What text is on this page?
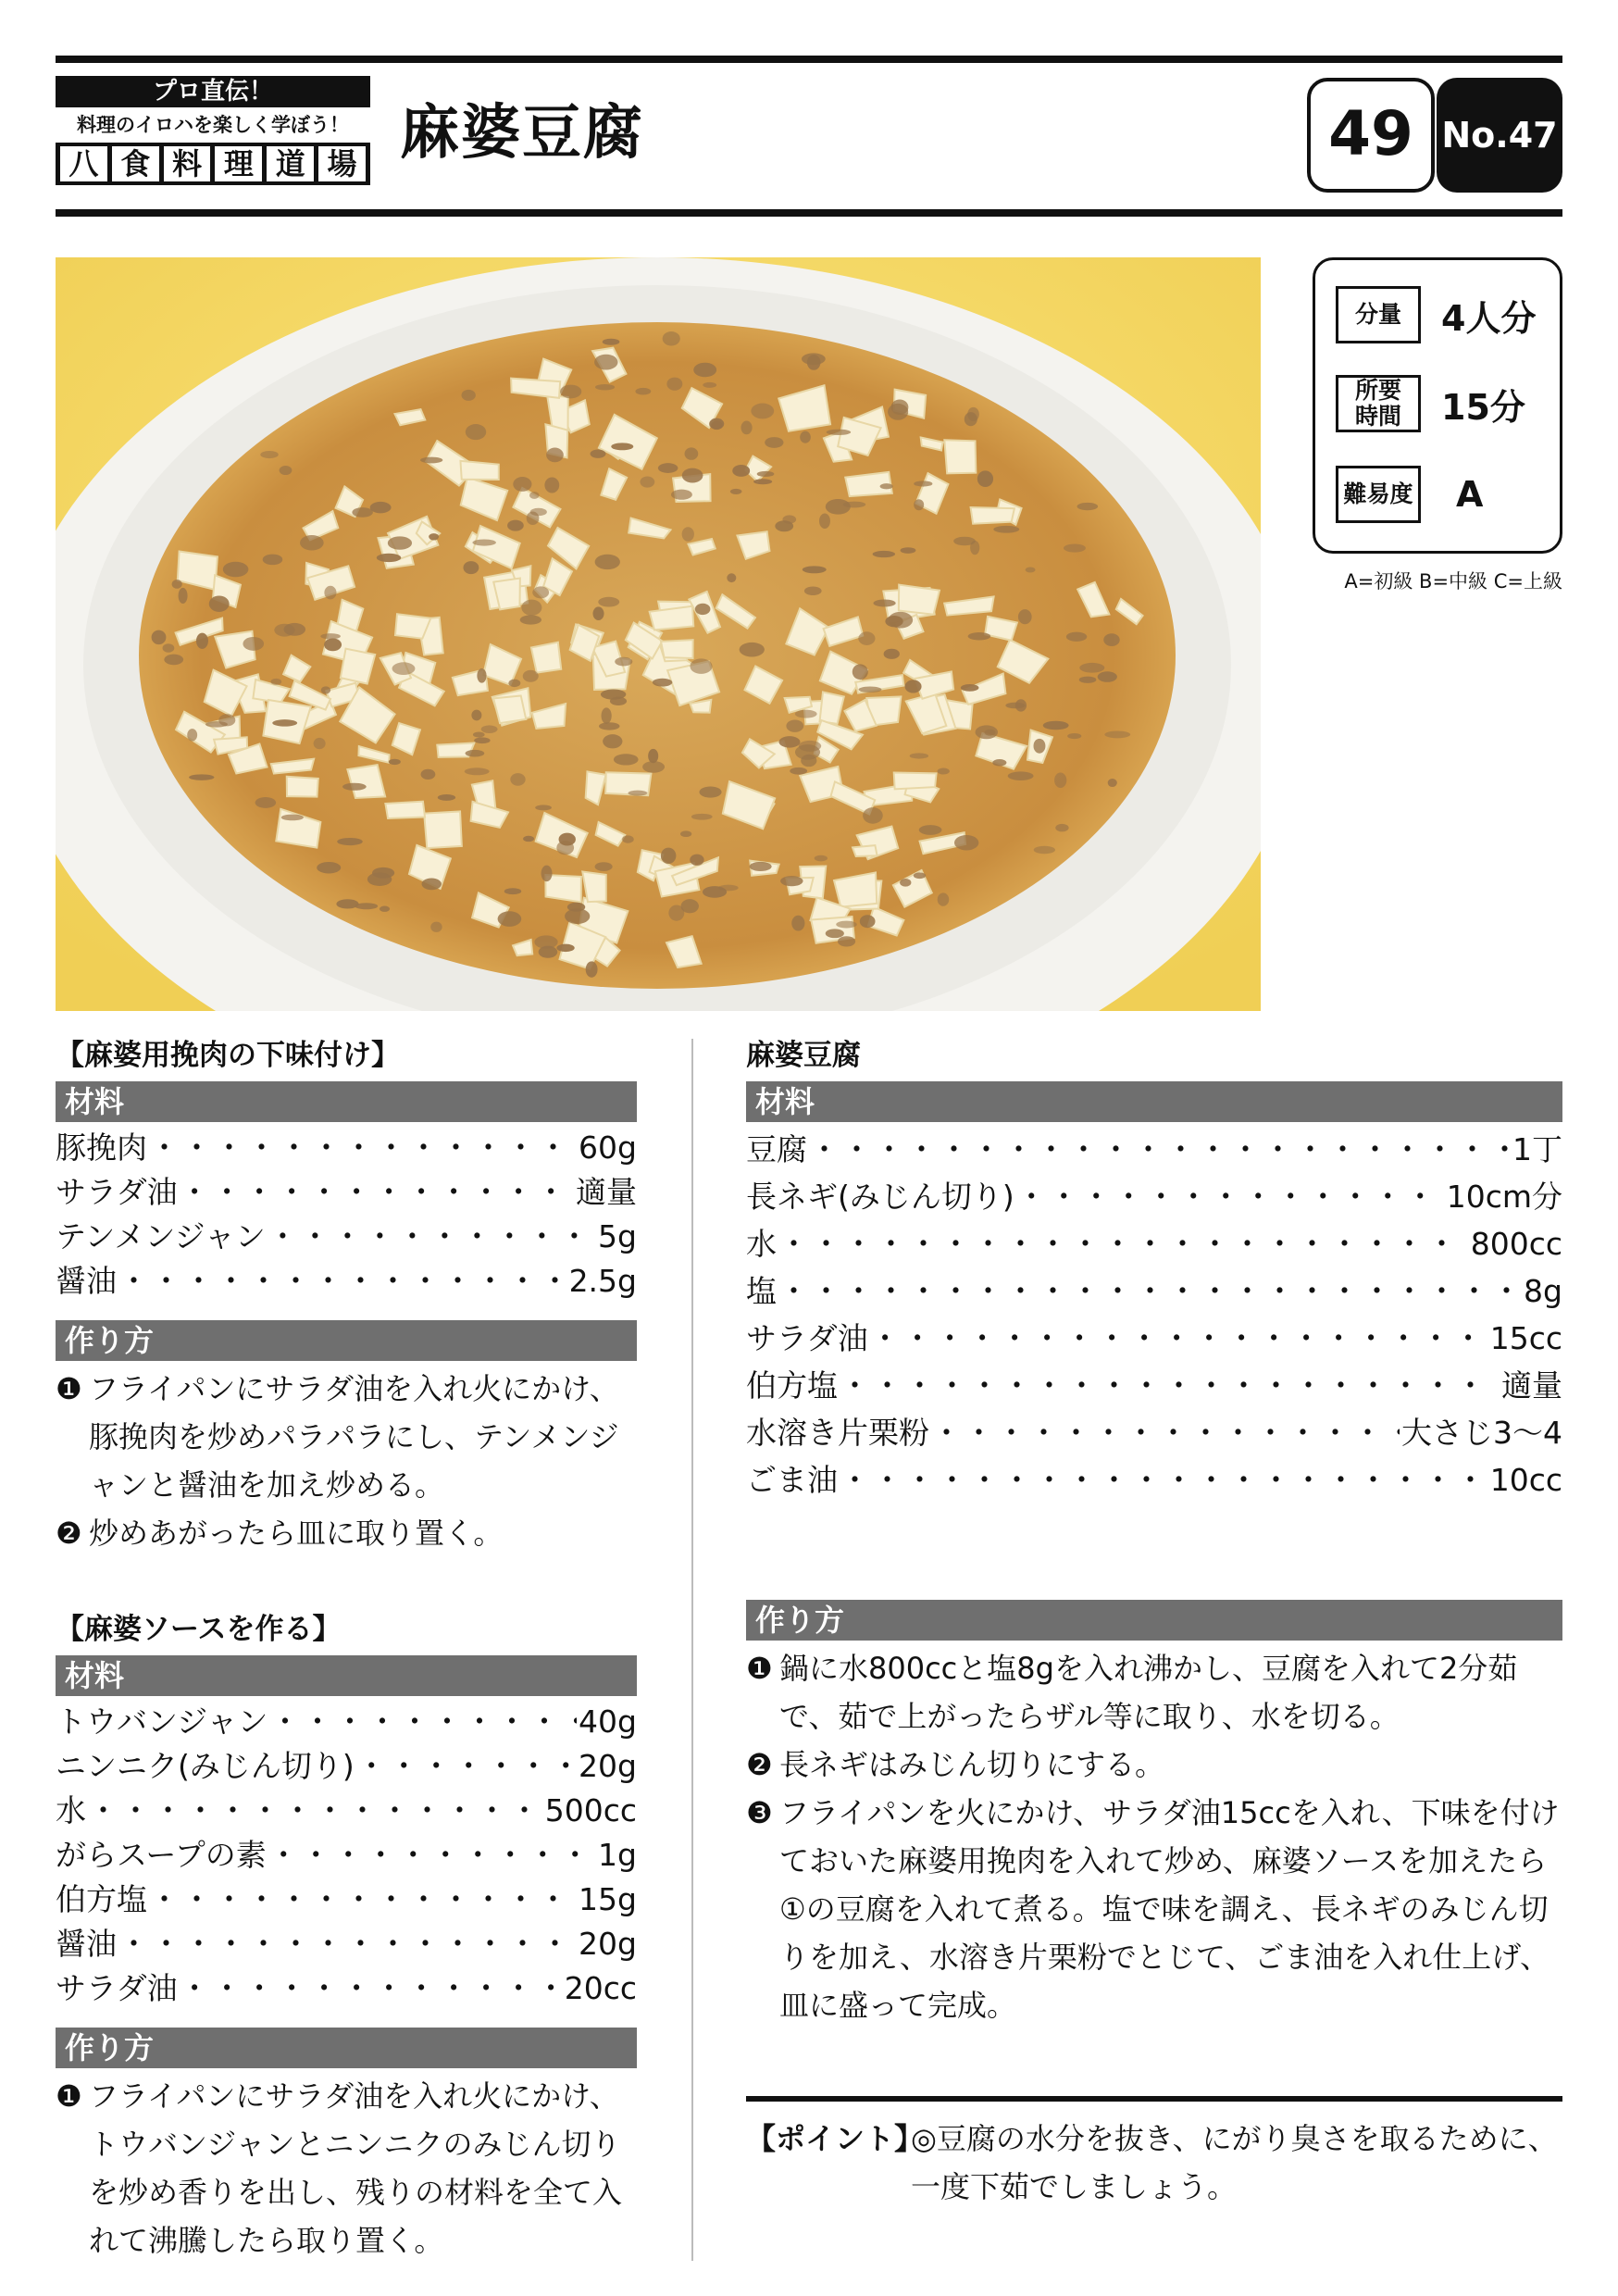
プロ直伝！
料理のイロハを楽しく学ぼう！
八 食 料 理 道 場 麻婆豆腐	49 No.47
分量	4人分
所要
時間	15分
難易度 A
A=初級 B=中級 C=上級
【麻婆用挽肉の下味付け】
材料
豚挽肉 ・・・・・・・・・・・・・・・・・・・・・・・・・・・・・・・・・・・・・・・・・・・・・・・・・・・・・・・・・・・・・・・・・・・・・・・・	60g
サラダ油 ・・・・・・・・・・・・・・・・・・・・・・・・・・・・・・・・・・・・・・・・・・・・・・・・・・・・・・・・・・・・・・・・・・・・・・・・	適量
テンメンジャン ・・・・・・・・・・・・・・・・・・・・・・・・・・・・・・・・・・・・・・・・・・・・・・・・・・・・・・・・・・・・・・・・・・・・・・・・	5g
醤油 ・・・・・・・・・・・・・・・・・・・・・・・・・・・・・・・・・・・・・・・・・・・・・・・・・・・・・・・・・・・・・・・・・・・・・・・・	2.5g
作り方
❶ フライパンにサラダ油を入れ火にかけ、豚挽肉を炒めパラパラにし、テンメンジャンと醤油を加え炒める。
❷ 炒めあがったら皿に取り置く。
【麻婆ソースを作る】
材料
トウバンジャン ・・・・・・・・・・・・・・・・・・・・・・・・・・・・・・・・・・・・・・・・・・・・・・・・・・・・・・・・・・・・・・・・・・・・・・・・	40g
ニンニク(みじん切り) ・・・・・・・・・・・・・・・・・・・・・・・・・・・・・・・・・・・・・・・・・・・・・・・・・・・・・・・・・・・・・・・・・・・・・・・・	20g
水 ・・・・・・・・・・・・・・・・・・・・・・・・・・・・・・・・・・・・・・・・・・・・・・・・・・・・・・・・・・・・・・・・・・・・・・・・	500cc
がらスープの素 ・・・・・・・・・・・・・・・・・・・・・・・・・・・・・・・・・・・・・・・・・・・・・・・・・・・・・・・・・・・・・・・・・・・・・・・・	1g
伯方塩 ・・・・・・・・・・・・・・・・・・・・・・・・・・・・・・・・・・・・・・・・・・・・・・・・・・・・・・・・・・・・・・・・・・・・・・・・	15g
醤油 ・・・・・・・・・・・・・・・・・・・・・・・・・・・・・・・・・・・・・・・・・・・・・・・・・・・・・・・・・・・・・・・・・・・・・・・・	20g
サラダ油 ・・・・・・・・・・・・・・・・・・・・・・・・・・・・・・・・・・・・・・・・・・・・・・・・・・・・・・・・・・・・・・・・・・・・・・・・	20cc
作り方
❶ フライパンにサラダ油を入れ火にかけ、トウバンジャンとニンニクのみじん切りを炒め香りを出し、残りの材料を全て入れて沸騰したら取り置く。
麻婆豆腐
材料
豆腐 ・・・・・・・・・・・・・・・・・・・・・・・・・・・・・・・・・・・・・・・・・・・・・・・・・・・・・・・・・・・・・・・・・・・・・・・・	1丁
長ネギ(みじん切り) ・・・・・・・・・・・・・・・・・・・・・・・・・・・・・・・・・・・・・・・・・・・・・・・・・・・・・・・・・・・・・・・・・・・・・・・・	10cm分
水 ・・・・・・・・・・・・・・・・・・・・・・・・・・・・・・・・・・・・・・・・・・・・・・・・・・・・・・・・・・・・・・・・・・・・・・・・	800cc
塩 ・・・・・・・・・・・・・・・・・・・・・・・・・・・・・・・・・・・・・・・・・・・・・・・・・・・・・・・・・・・・・・・・・・・・・・・・	8g
サラダ油 ・・・・・・・・・・・・・・・・・・・・・・・・・・・・・・・・・・・・・・・・・・・・・・・・・・・・・・・・・・・・・・・・・・・・・・・・	15cc
伯方塩 ・・・・・・・・・・・・・・・・・・・・・・・・・・・・・・・・・・・・・・・・・・・・・・・・・・・・・・・・・・・・・・・・・・・・・・・・	適量
水溶き片栗粉 ・・・・・・・・・・・・・・・・・・・・・・・・・・・・・・・・・・・・・・・・・・・・・・・・・・・・・・・・・・・・・・・・・・・・・・・・	大さじ3〜4
ごま油 ・・・・・・・・・・・・・・・・・・・・・・・・・・・・・・・・・・・・・・・・・・・・・・・・・・・・・・・・・・・・・・・・・・・・・・・・	10cc
作り方
❶ 鍋に水800ccと塩8gを入れ沸かし、豆腐を入れて2分茹で、茹で上がったらザル等に取り、水を切る。
❷ 長ネギはみじん切りにする。
❸ フライパンを火にかけ、サラダ油15ccを入れ、下味を付けておいた麻婆用挽肉を入れて炒め、麻婆ソースを加えたら①の豆腐を入れて煮る。塩で味を調え、長ネギのみじん切りを加え、水溶き片栗粉でとじて、ごま油を入れ仕上げ、皿に盛って完成。
【ポイント】
◎豆腐の水分を抜き、にがり臭さを取るために、一度下茹でしましょう。
